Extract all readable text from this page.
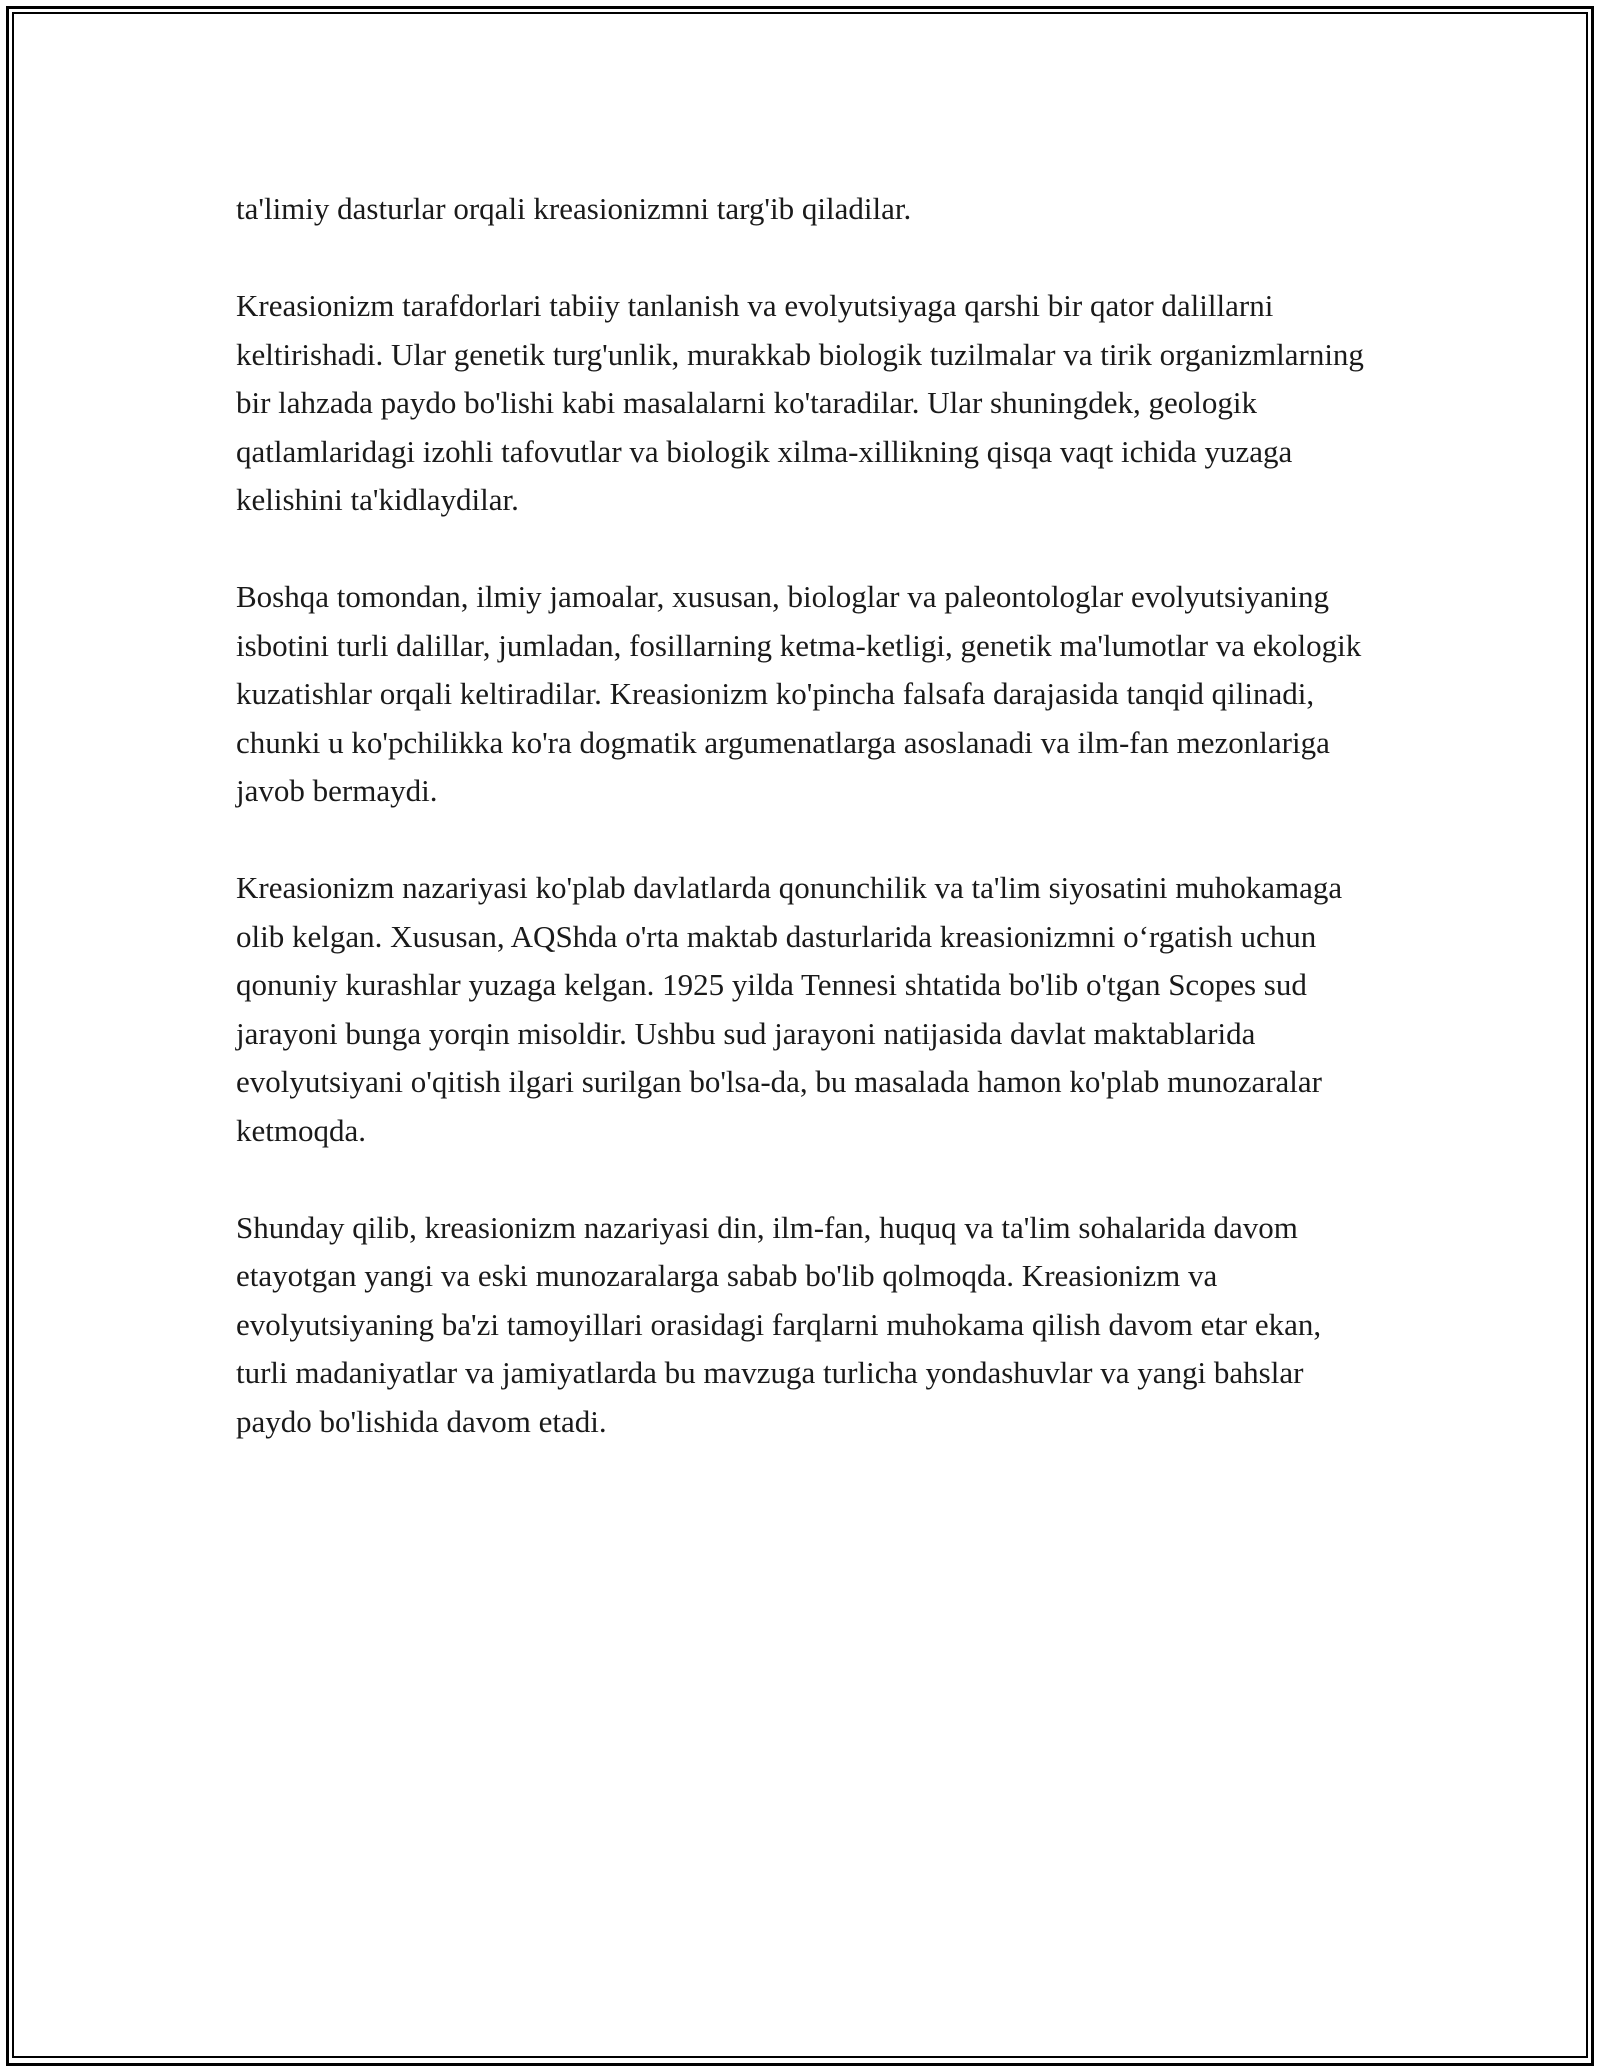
ta'limiy dasturlar orqali kreasionizmni targ'ib qiladilar.

Kreasionizm tarafdorlari tabiiy tanlanish va evolyutsiyaga qarshi bir qator dalillarni keltirishadi. Ular genetik turg'unlik, murakkab biologik tuzilmalar va tirik organizmlarning bir lahzada paydo bo'lishi kabi masalalarni ko'taradilar. Ular shuningdek, geologik qatlamlaridagi izohli tafovutlar va biologik xilma-xillikning qisqa vaqt ichida yuzaga kelishini ta'kidlaydilar.

Boshqa tomondan, ilmiy jamoalar, xususan, biologlar va paleontologlar evolyutsiyaning isbotini turli dalillar, jumladan, fosillarning ketma-ketligi, genetik ma'lumotlar va ekologik kuzatishlar orqali keltiradilar. Kreasionizm ko'pincha falsafa darajasida tanqid qilinadi, chunki u ko'pchilikka ko'ra dogmatik argumenatlarga asoslanadi va ilm-fan mezonlariga javob bermaydi.

Kreasionizm nazariyasi ko'plab davlatlarda qonunchilik va ta'lim siyosatini muhokamaga olib kelgan. Xususan, AQShda o'rta maktab dasturlarida kreasionizmni o‘rgatish uchun qonuniy kurashlar yuzaga kelgan. 1925 yilda Tennesi shtatida bo'lib o'tgan Scopes sud jarayoni bunga yorqin misoldir. Ushbu sud jarayoni natijasida davlat maktablarida evolyutsiyani o'qitish ilgari surilgan bo'lsa-da, bu masalada hamon ko'plab munozaralar ketmoqda.

Shunday qilib, kreasionizm nazariyasi din, ilm-fan, huquq va ta'lim sohalarida davom etayotgan yangi va eski munozaralarga sabab bo'lib qolmoqda. Kreasionizm va evolyutsiyaning ba'zi tamoyillari orasidagi farqlarni muhokama qilish davom etar ekan, turli madaniyatlar va jamiyatlarda bu mavzuga turlicha yondashuvlar va yangi bahslar paydo bo'lishida davom etadi.
